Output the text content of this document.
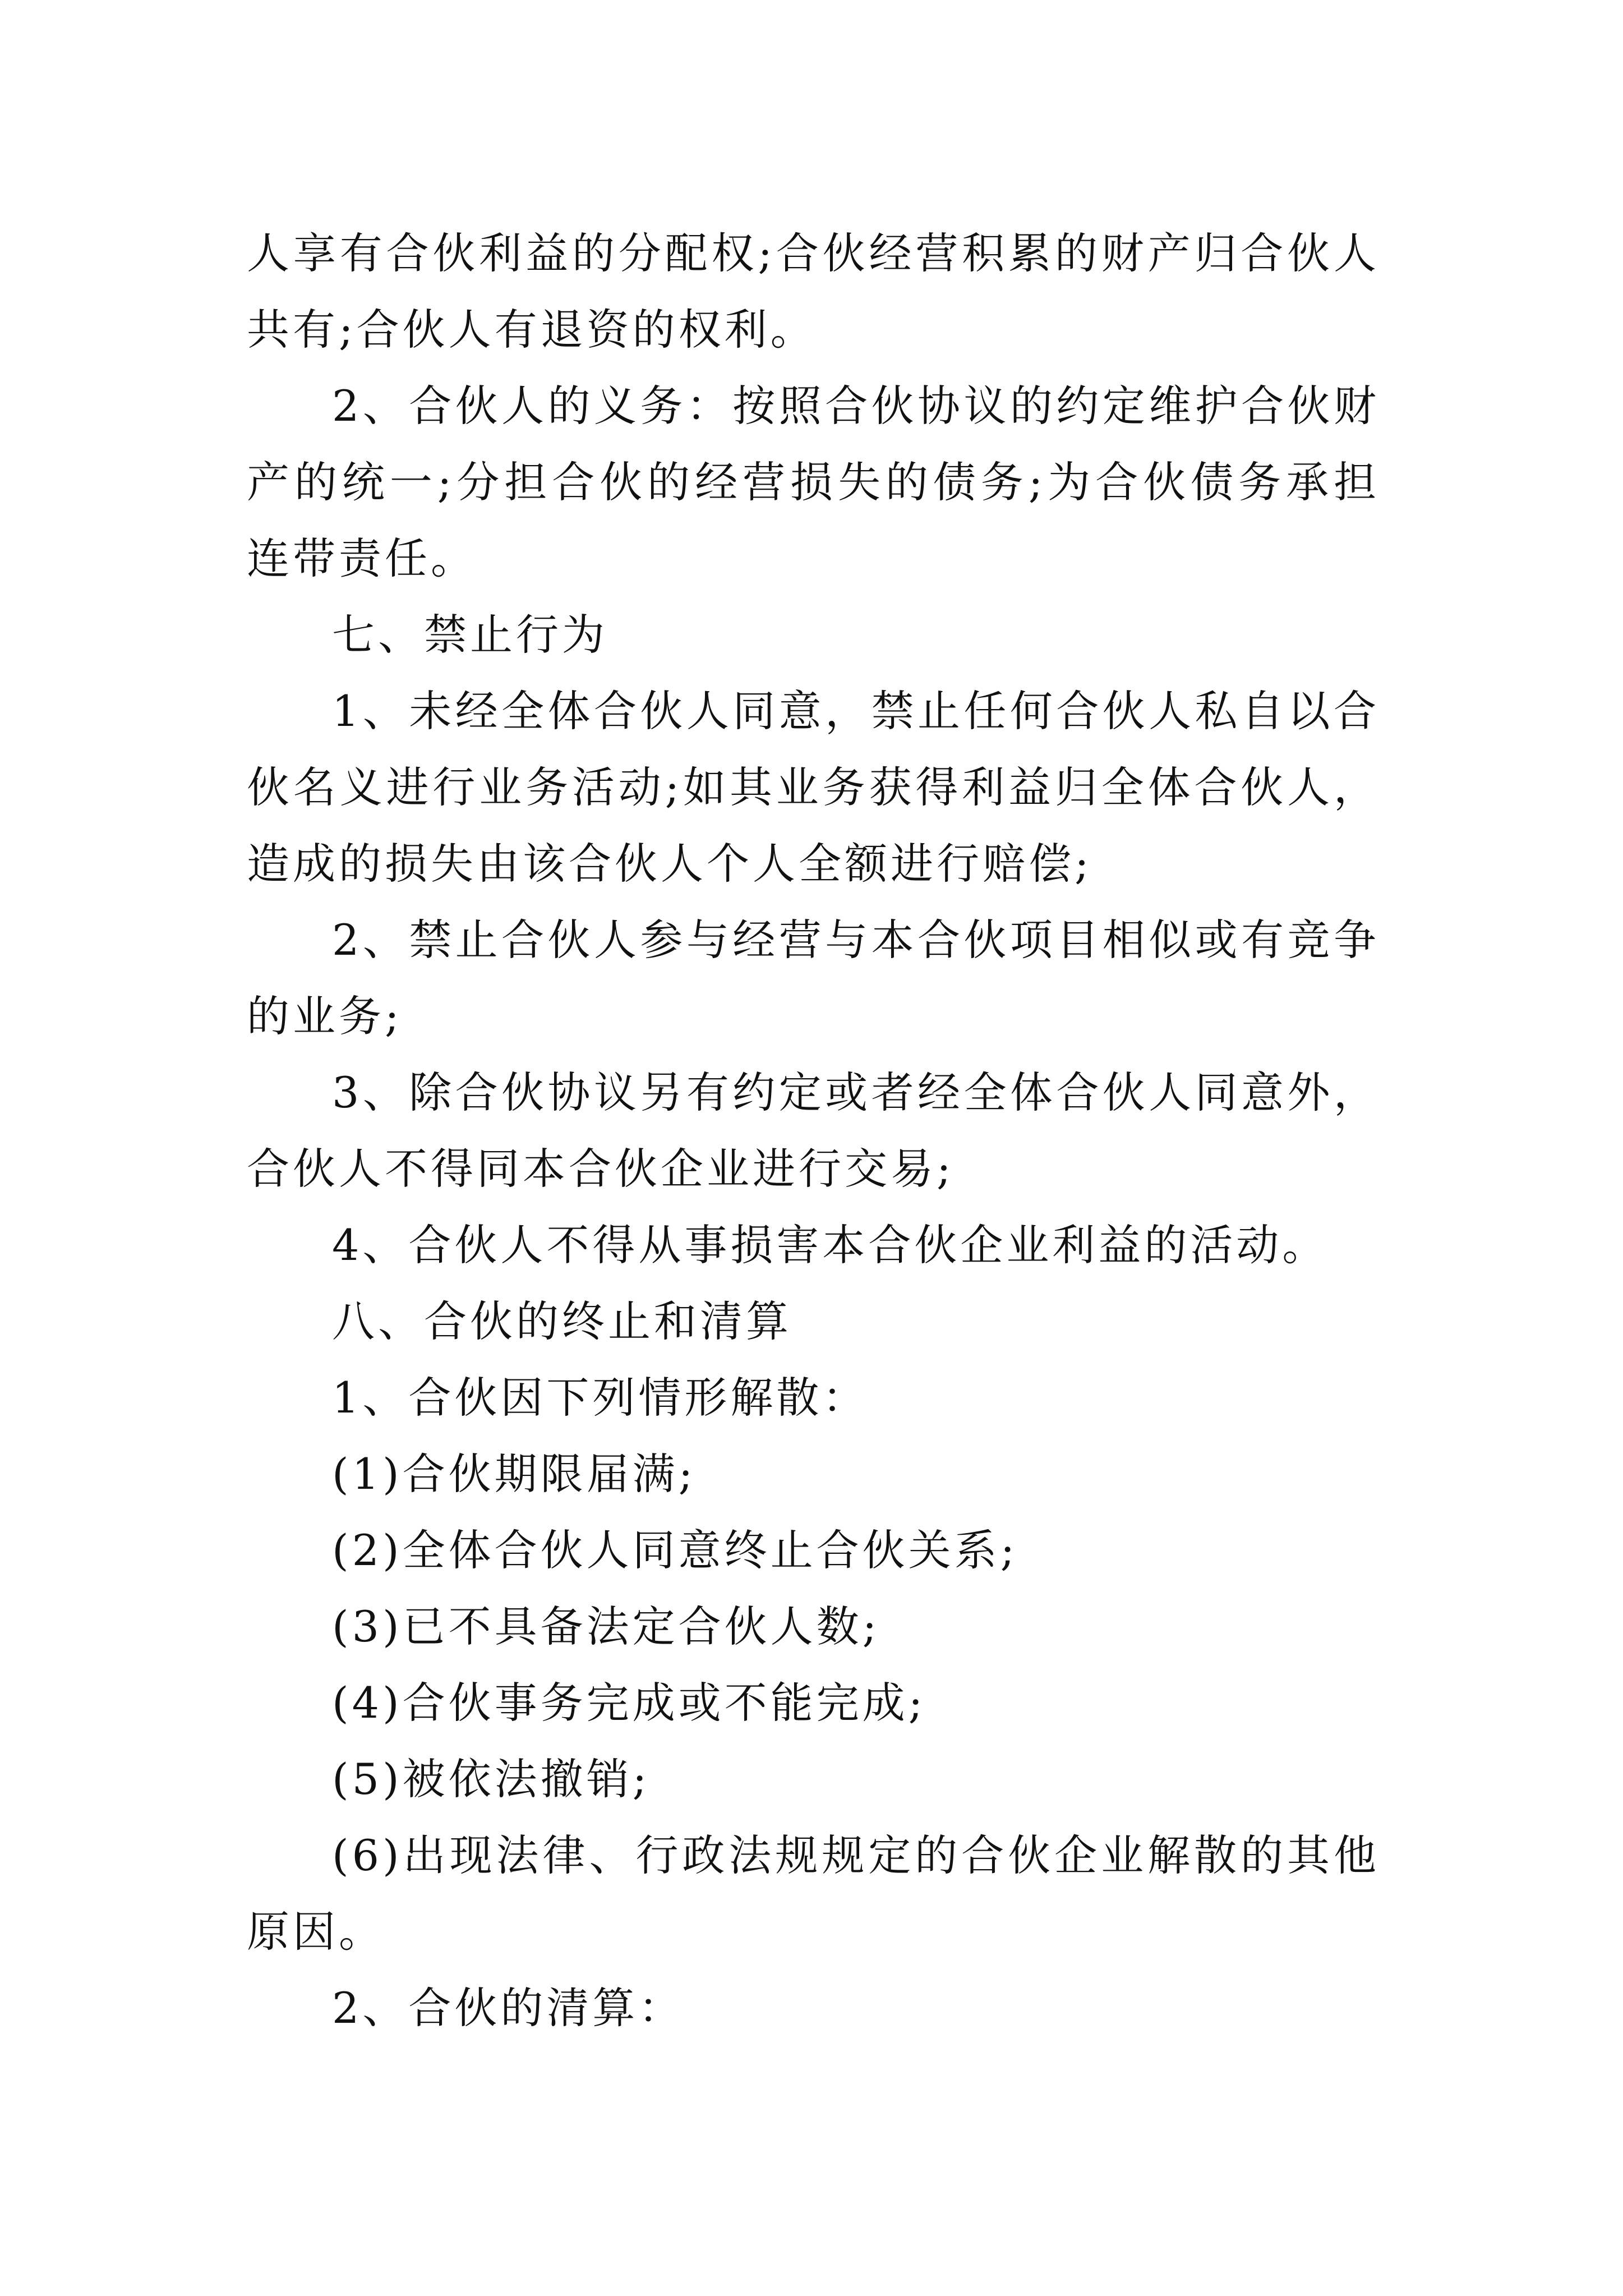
人享有合伙利益的分配权;合伙经营积累的财产归合伙人共有;合伙人有退资的权利。

2、合伙人的义务：按照合伙协议的约定维护合伙财产的统一;分担合伙的经营损失的债务;为合伙债务承担连带责任。

七、禁止行为

1、未经全体合伙人同意，禁止任何合伙人私自以合伙名义进行业务活动;如其业务获得利益归全体合伙人，造成的损失由该合伙人个人全额进行赔偿;

2、禁止合伙人参与经营与本合伙项目相似或有竞争的业务;

3、除合伙协议另有约定或者经全体合伙人同意外，合伙人不得同本合伙企业进行交易;

4、合伙人不得从事损害本合伙企业利益的活动。

八、合伙的终止和清算

1、合伙因下列情形解散：

(1)合伙期限届满;

(2)全体合伙人同意终止合伙关系;

(3)已不具备法定合伙人数;

(4)合伙事务完成或不能完成;

(5)被依法撤销;

(6)出现法律、行政法规规定的合伙企业解散的其他原因。

2、合伙的清算：
